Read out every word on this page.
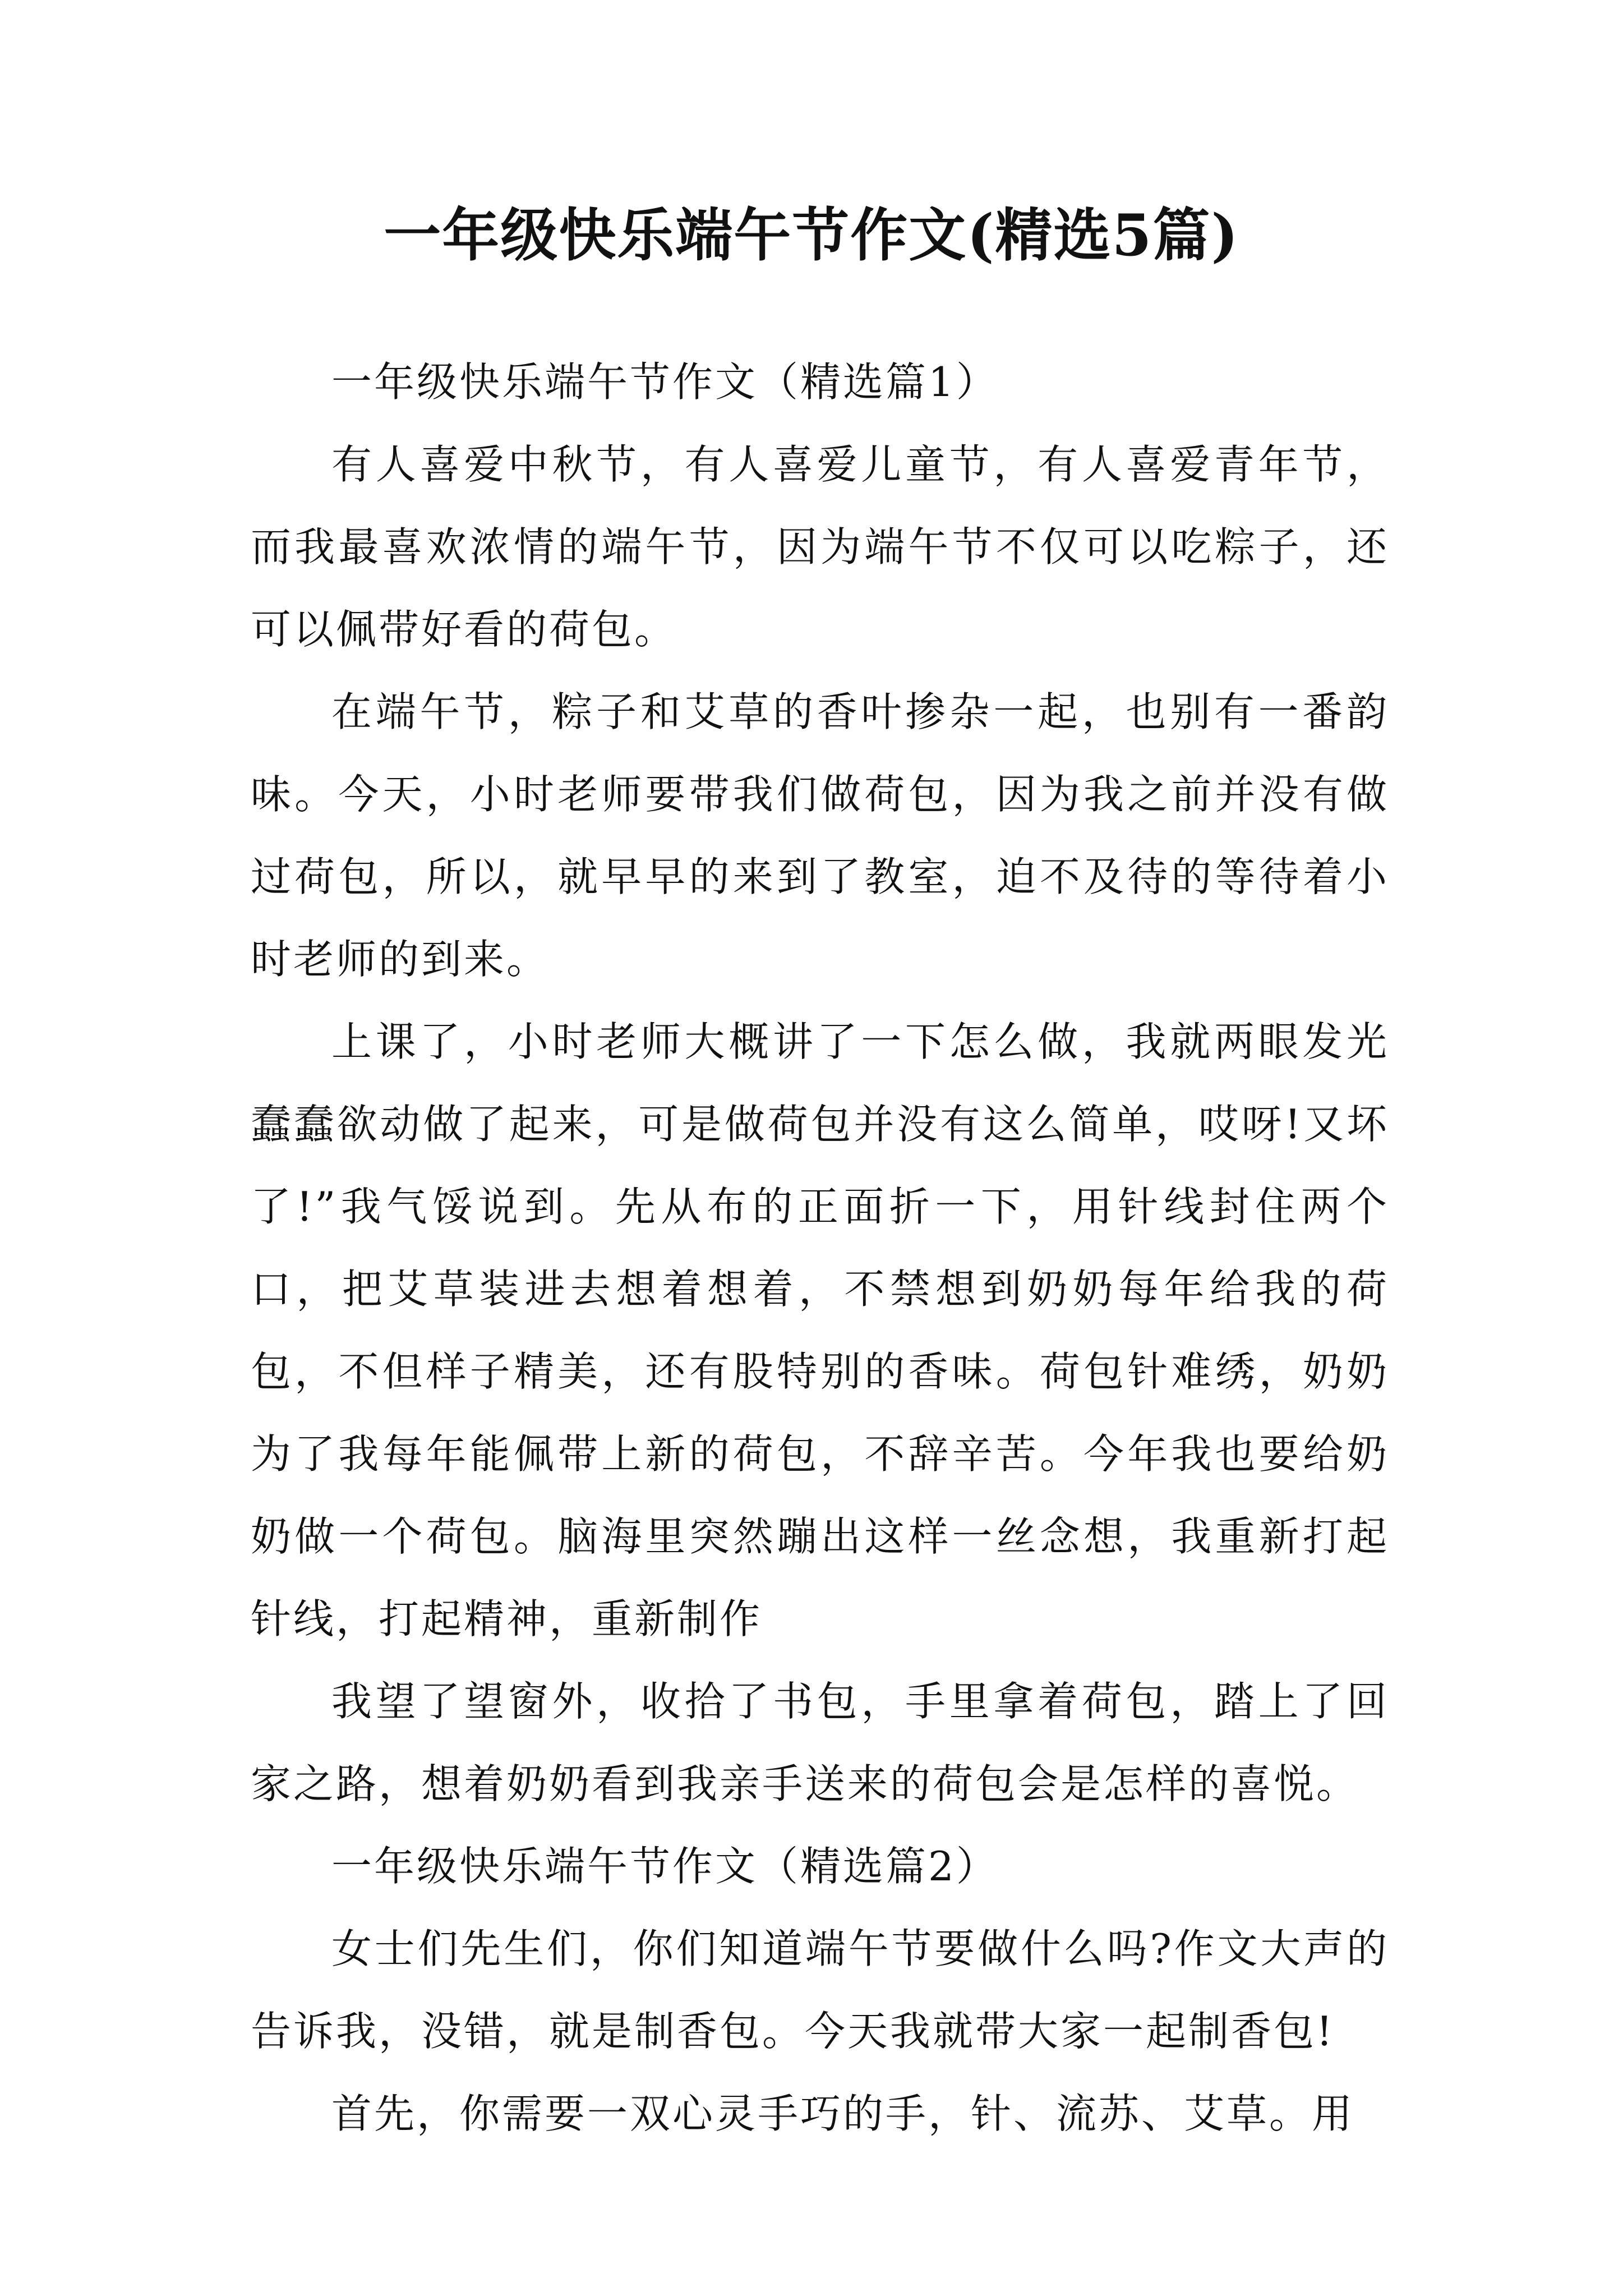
一年级快乐端午节作文(精选5篇)

一年级快乐端午节作文（精选篇1）

有人喜爱中秋节，有人喜爱儿童节，有人喜爱青年节，而我最喜欢浓情的端午节，因为端午节不仅可以吃粽子，还可以佩带好看的荷包。

在端午节，粽子和艾草的香叶掺杂一起，也别有一番韵味。今天，小时老师要带我们做荷包，因为我之前并没有做过荷包，所以，就早早的来到了教室，迫不及待的等待着小时老师的到来。

上课了，小时老师大概讲了一下怎么做，我就两眼发光蠢蠢欲动做了起来，可是做荷包并没有这么简单，哎呀!又坏了!”我气馁说到。先从布的正面折一下，用针线封住两个口，把艾草装进去想着想着，不禁想到奶奶每年给我的荷包，不但样子精美，还有股特别的香味。荷包针难绣，奶奶为了我每年能佩带上新的荷包，不辞辛苦。今年我也要给奶奶做一个荷包。脑海里突然蹦出这样一丝念想，我重新打起针线，打起精神，重新制作

我望了望窗外，收拾了书包，手里拿着荷包，踏上了回家之路，想着奶奶看到我亲手送来的荷包会是怎样的喜悦。

一年级快乐端午节作文（精选篇2）

女士们先生们，你们知道端午节要做什么吗?作文大声的告诉我，没错，就是制香包。今天我就带大家一起制香包!

首先，你需要一双心灵手巧的手，针、流苏、艾草。用
